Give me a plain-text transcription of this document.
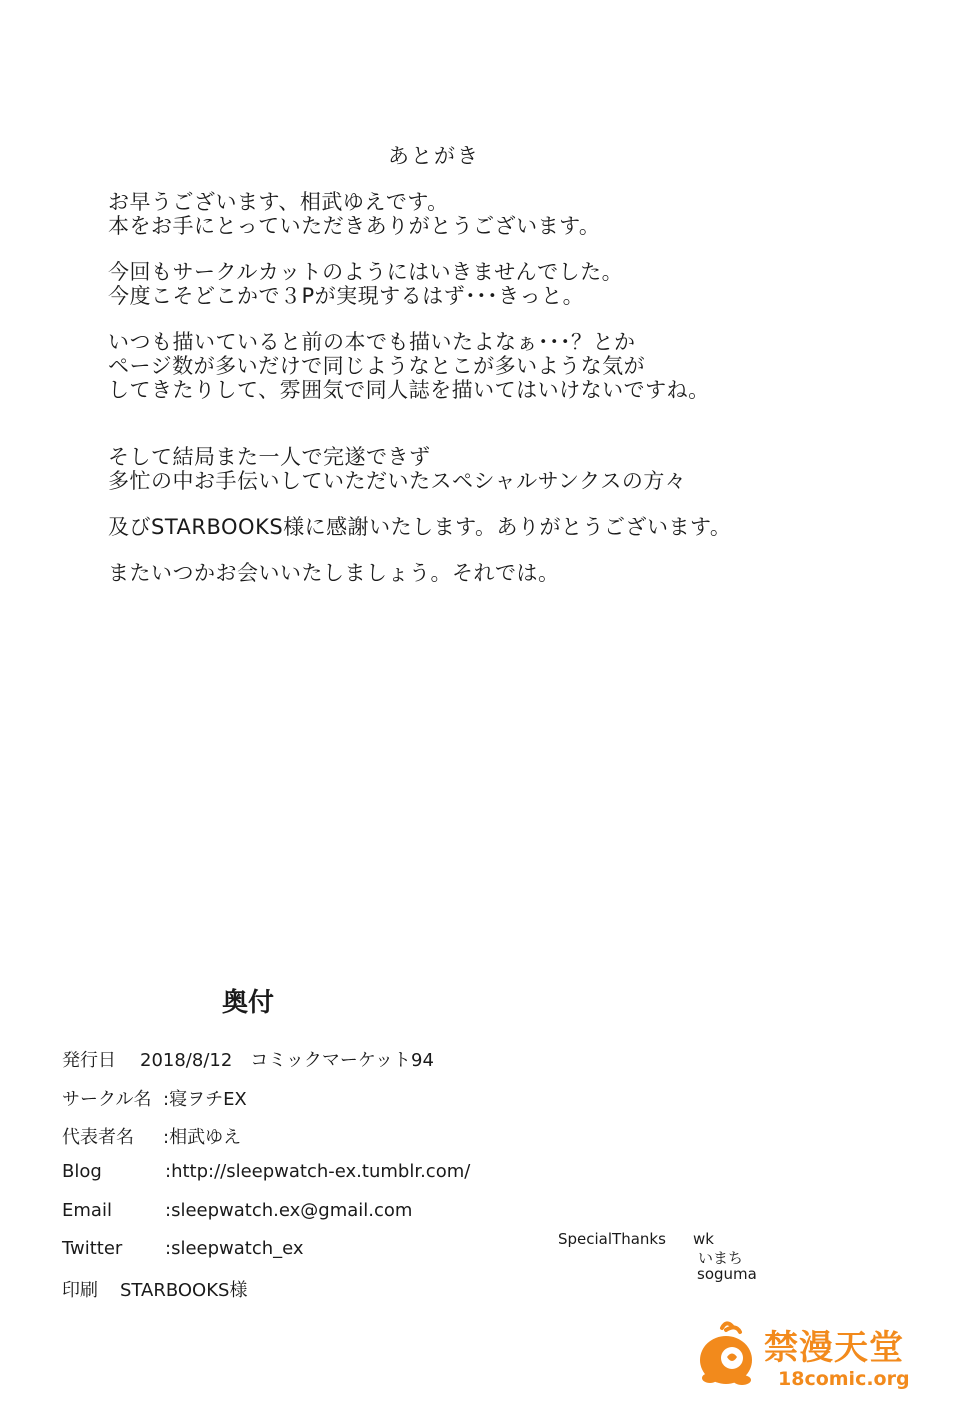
あとがき
お早うございます、相武ゆえです。
本をお手にとっていただきありがとうございます。
今回もサークルカットのようにはいきませんでした。
今度こそどこかで３Pが実現するはず･･･きっと。
いつも描いていると前の本でも描いたよなぁ･･･？とか
ページ数が多いだけで同じようなとこが多いような気が
してきたりして、雰囲気で同人誌を描いてはいけないですね。
そして結局また一人で完遂できず
多忙の中お手伝いしていただいたスペシャルサンクスの方々
及びSTARBOOKS様に感謝いたします。ありがとうございます。
またいつかお会いいたしましょう。それでは。
奥付
発行日 2018/8/12　コミックマーケット94
サークル名 :寝ヲチEX
代表者名 :相武ゆえ
Blog	:http://sleepwatch-ex.tumblr.com/
Email	:sleepwatch.ex@gmail.com
Twitter :sleepwatch_ex
印刷 STARBOOKS様
SpecialThanks wk
いまち
soguma
禁漫天堂
18comic.org
